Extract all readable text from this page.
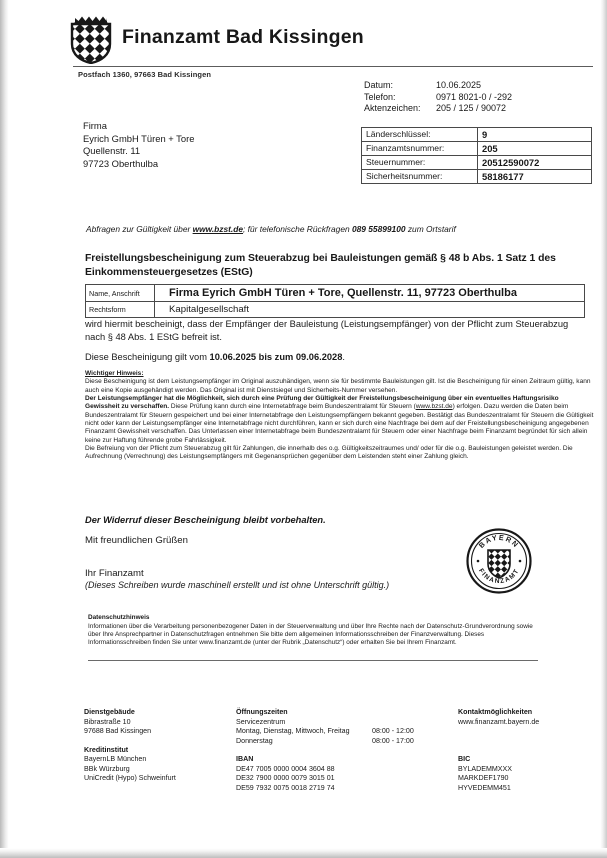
Finanzamt Bad Kissingen
Postfach 1360, 97663 Bad Kissingen
Datum:	10.06.2025
Telefon:	0971 8021-0 / -292
Aktenzeichen:	205 / 125 / 90072
Länderschlüssel:	9
Finanzamtsnummer:	205
Steuernummer:	20512590072
Sicherheitsnummer:	58186177
Firma
Eyrich GmbH Türen + Tore
Quellenstr. 11
97723 Oberthulba
Abfragen zur Gültigkeit über www.bzst.de; für telefonische Rückfragen 089 55899100 zum Ortstarif
Freistellungsbescheinigung zum Steuerabzug bei Bauleistungen gemäß § 48 b Abs. 1 Satz 1 des Einkommensteuergesetzes (EStG)
Name, Anschrift	Firma Eyrich GmbH Türen + Tore, Quellenstr. 11, 97723 Oberthulba
Rechtsform	Kapitalgesellschaft
wird hiermit bescheinigt, dass der Empfänger der Bauleistung (Leistungsempfänger) von der Pflicht zum Steuerabzug nach § 48 Abs. 1 EStG befreit ist.
Diese Bescheinigung gilt vom 10.06.2025 bis zum 09.06.2028.
Wichtiger Hinweis:

Diese Bescheinigung ist dem Leistungsempfänger im Original auszuhändigen, wenn sie für bestimmte Bauleistungen gilt. Ist die Bescheinigung für einen Zeitraum gültig, kann auch eine Kopie ausgehändigt werden. Das Original ist mit Dienstsiegel und Sicherheits-Nummer versehen.

Der Leistungsempfänger hat die Möglichkeit, sich durch eine Prüfung der Gültigkeit der Freistellungsbescheinigung über ein eventuelles Haftungsrisiko Gewissheit zu verschaffen. Diese Prüfung kann durch eine Internetabfrage beim Bundeszentralamt für Steuern (www.bzst.de) erfolgen. Dazu werden die Daten beim Bundeszentralamt für Steuern gespeichert und bei einer Internetabfrage den Leistungsempfängern bekannt gegeben. Bestätigt das Bundeszentralamt für Steuern die Gültigkeit nicht oder kann der Leistungsempfänger eine Internetabfrage nicht durchführen, kann er sich durch eine Nachfrage bei dem auf der Freistellungsbescheinigung angegebenen Finanzamt Gewissheit verschaffen. Das Unterlassen einer Internetabfrage beim Bundeszentralamt für Steuern oder einer Nachfrage beim Finanzamt begründet für sich allein keine zur Haftung führende grobe Fahrlässigkeit.

Die Befreiung von der Pflicht zum Steuerabzug gilt für Zahlungen, die innerhalb des o.g. Gültigkeitszeitraumes und/ oder für die o.g. Bauleistungen geleistet werden. Die Aufrechnung (Verrechnung) des Leistungsempfängers mit Gegenansprüchen gegenüber dem Leistenden steht einer Zahlung gleich.

Der Widerruf dieser Bescheinigung bleibt vorbehalten.
Mit freundlichen Grüßen
Ihr Finanzamt
(Dieses Schreiben wurde maschinell erstellt und ist ohne Unterschrift gültig.)
BAYERN
FINANZAMT
Datenschutzhinweis
Informationen über die Verarbeitung personenbezogener Daten in der Steuerverwaltung und über Ihre Rechte nach der Datenschutz-Grundverordnung sowie über Ihre Ansprechpartner in Datenschutzfragen entnehmen Sie bitte dem allgemeinen Informationsschreiben der Finanzverwaltung. Dieses Informationsschreiben finden Sie unter www.finanzamt.de (unter der Rubrik „Datenschutz“) oder erhalten Sie bei Ihrem Finanzamt.
Dienstgebäude
Bibrastraße 10
97688 Bad Kissingen
Kreditinstitut
BayernLB München
BBk Würzburg
UniCredit (Hypo) Schweinfurt
Öffnungszeiten
Servicezentrum
Montag, Dienstag, Mittwoch, Freitag	08:00 - 12:00
Donnerstag	08:00 - 17:00
IBAN
DE47 7005 0000 0004 3604 88
DE32 7900 0000 0079 3015 01
DE59 7932 0075 0018 2719 74
Kontaktmöglichkeiten
www.finanzamt.bayern.de
BIC
BYLADEMMXXX
MARKDEF1790
HYVEDEMM451
